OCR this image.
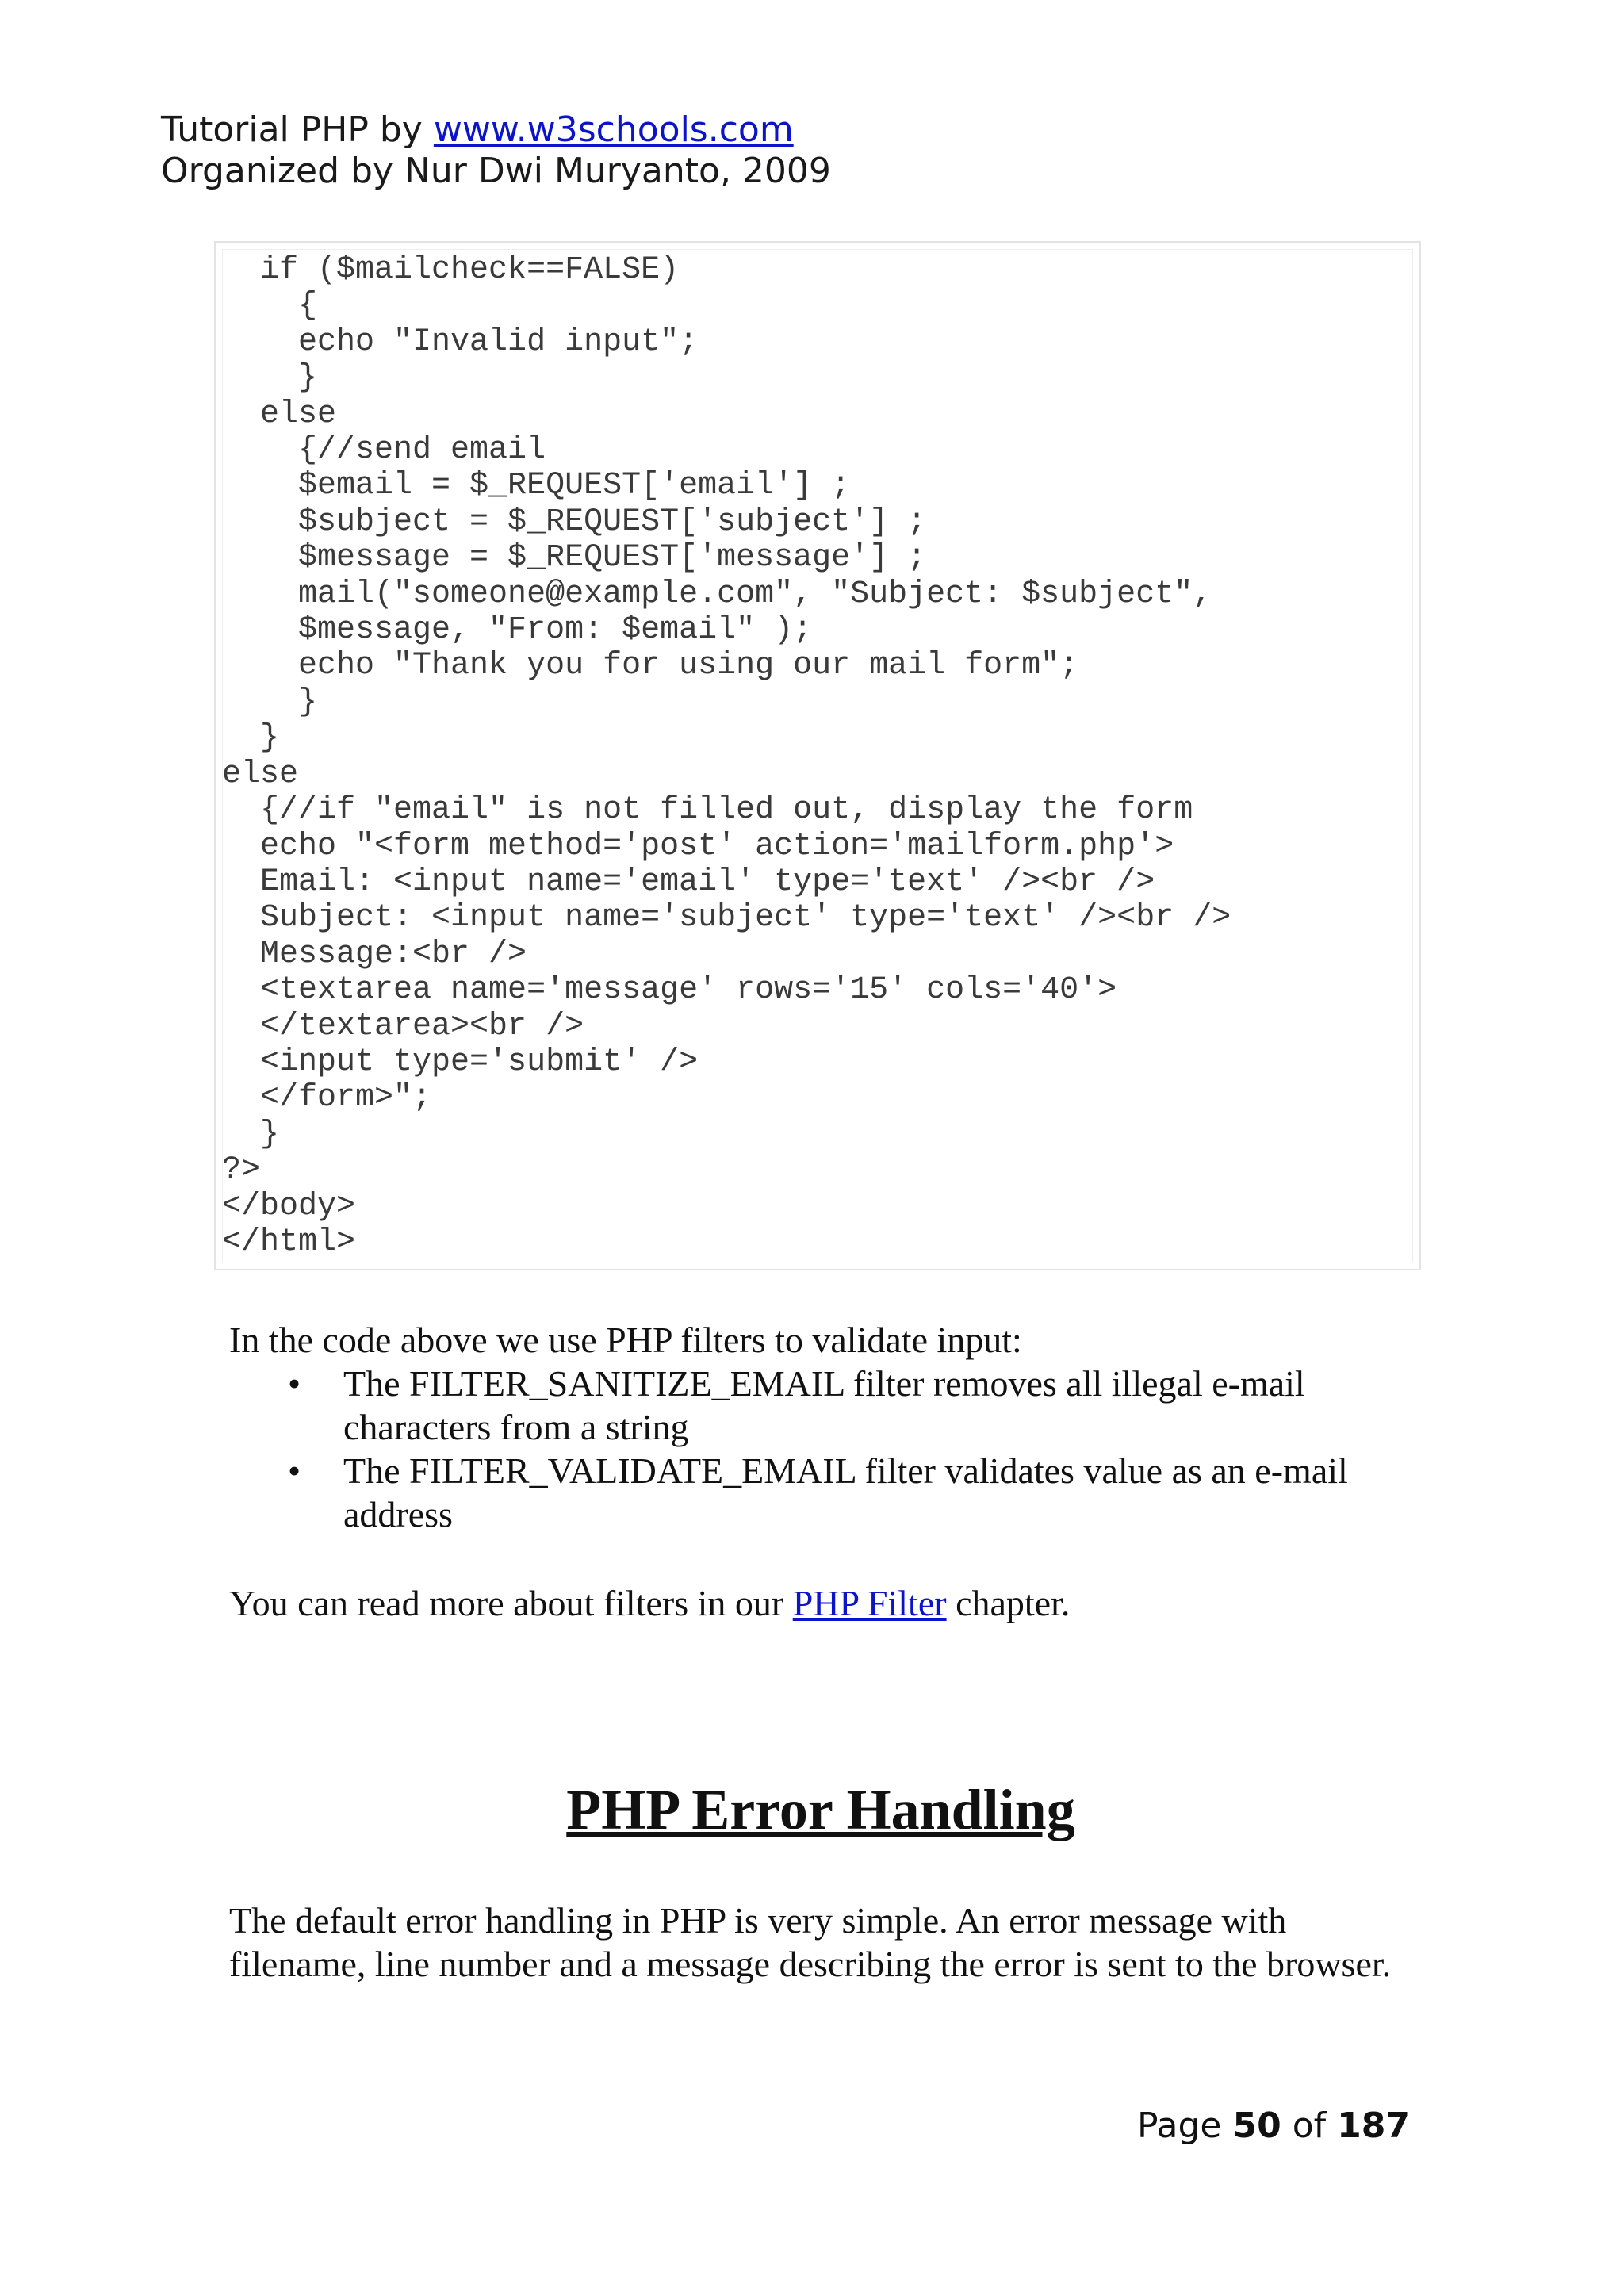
Tutorial PHP by www.w3schools.com
Organized by Nur Dwi Muryanto, 2009
if ($mailcheck==FALSE)
{
echo "Invalid input";
}
else
{//send email
$email = $_REQUEST['email'] ;
$subject = $_REQUEST['subject'] ;
$message = $_REQUEST['message'] ;
mail("someone@example.com", "Subject: $subject",
$message, "From: $email" );
echo "Thank you for using our mail form";
}
}
else
{//if "email" is not filled out, display the form
echo "<form method='post' action='mailform.php'>
Email: <input name='email' type='text' /><br />
Subject: <input name='subject' type='text' /><br />
Message:<br />
<textarea name='message' rows='15' cols='40'>
</textarea><br />
<input type='submit' />
</form>";
}
?>
</body>
</html>
In the code above we use PHP filters to validate input:
• The FILTER_SANITIZE_EMAIL filter removes all illegal e-mail characters from a string
• The FILTER_VALIDATE_EMAIL filter validates value as an e-mail address
You can read more about filters in our PHP Filter chapter.
PHP Error Handling
The default error handling in PHP is very simple. An error message with filename, line number and a message describing the error is sent to the browser.
Page 50 of 187
